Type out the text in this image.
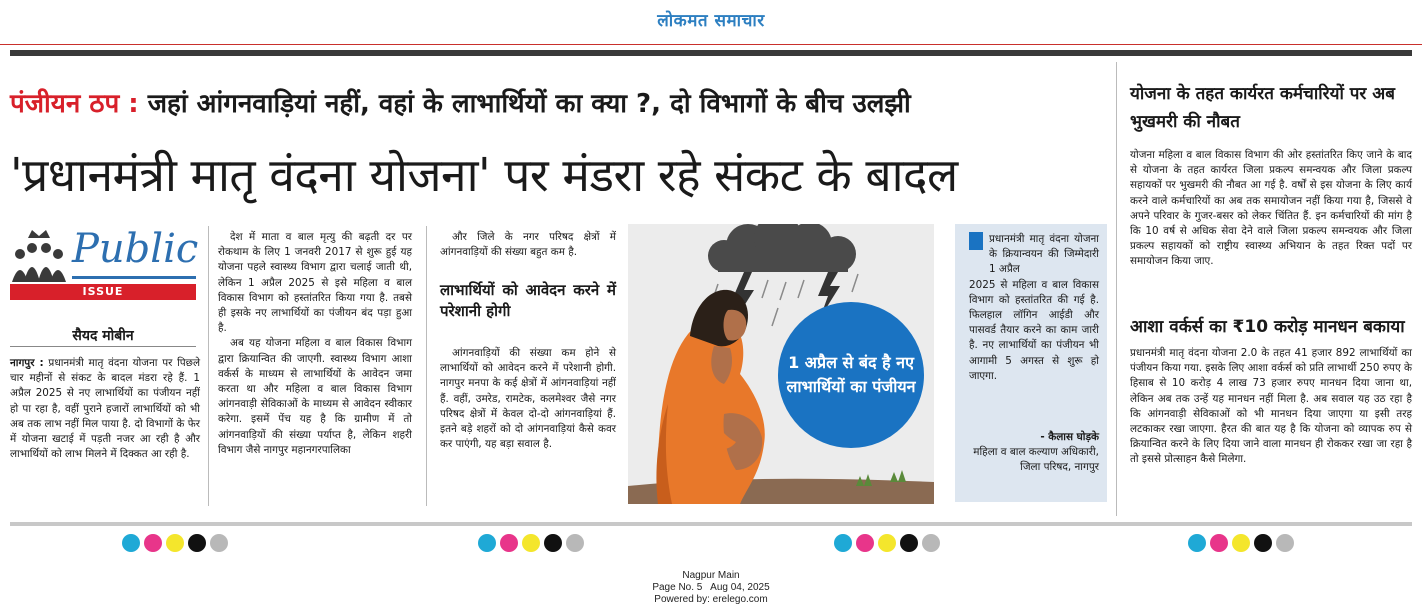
लोकमत समाचार
पंजीयन ठप : जहां आंगनवाड़ियां नहीं, वहां के लाभार्थियों का क्या ?, दो विभागों के बीच उलझी
'प्रधानमंत्री मातृ वंदना योजना' पर मंडरा रहे संकट के बादल
Public
ISSUE
सैयद मोबीन
नागपुर : प्रधानमंत्री मातृ वंदना योजना पर पिछले चार महीनों से संकट के बादल मंडरा रहे हैं. 1 अप्रैल 2025 से नए लाभार्थियों का पंजीयन नहीं हो पा रहा है, वहीं पुराने हजारों लाभार्थियों को भी अब तक लाभ नहीं मिल पाया है. दो विभागों के फेर में योजना खटाई में पड़ती नजर आ रही है और लाभार्थियों को लाभ मिलने में दिक्कत आ रही है.

देश में माता व बाल मृत्यु की बढ़ती दर पर रोकथाम के लिए 1 जनवरी 2017 से शुरू हुई यह योजना पहले स्वास्थ्य विभाग द्वारा चलाई जाती थी, लेकिन 1 अप्रैल 2025 से इसे महिला व बाल विकास विभाग को हस्तांतरित किया गया है. तबसे ही इसके नए लाभार्थियों का पंजीयन बंद पड़ा हुआ है.

अब यह योजना महिला व बाल विकास विभाग द्वारा क्रियान्वित की जाएगी. स्वास्थ्य विभाग आशा वर्कर्स के माध्यम से लाभार्थियों के आवेदन जमा करता था और महिला व बाल विकास विभाग आंगनवाड़ी सेविकाओं के माध्यम से आवेदन स्वीकार करेगा. इसमें पेंच यह है कि ग्रामीण में तो आंगनवाड़ियों की संख्या पर्याप्त है, लेकिन शहरी विभाग जैसे नागपुर महानगरपालिका

और जिले के नगर परिषद क्षेत्रों में आंगनवाड़ियों की संख्या बहुत कम है.

लाभार्थियों को आवेदन करने में परेशानी होगी

आंगनवाड़ियों की संख्या कम होने से लाभार्थियों को आवेदन करने में परेशानी होगी. नागपुर मनपा के कई क्षेत्रों में आंगनवाड़ियां नहीं हैं. वहीं, उमरेड, रामटेक, कलमेश्वर जैसे नगर परिषद क्षेत्रों में केवल दो-दो आंगनवाड़ियां हैं. इतने बड़े शहरों को दो आंगनवाड़ियां कैसे कवर कर पाएंगी, यह बड़ा सवाल है.

1 अप्रैल से बंद है नए लाभार्थियों का पंजीयन
प्रधानमंत्री मातृ वंदना योजना के क्रियान्वयन की जिम्मेदारी 1 अप्रैल
2025 से महिला व बाल विकास विभाग को हस्तांतरित की गई है. फिलहाल लॉगिन आईडी और पासवर्ड तैयार करने का काम जारी है. नए लाभार्थियों का पंजीयन भी आगामी 5 अगस्त से शुरू हो जाएगा.
- कैलास घोड़के
महिला व बाल कल्याण अधिकारी, जिला परिषद, नागपुर
योजना के तहत कार्यरत कर्मचारियों पर अब भुखमरी की नौबत
योजना महिला व बाल विकास विभाग की ओर हस्तांतरित किए जाने के बाद से योजना के तहत कार्यरत जिला प्रकल्प समन्वयक और जिला प्रकल्प सहायकों पर भुखमरी की नौबत आ गई है. वर्षों से इस योजना के लिए कार्य करने वाले कर्मचारियों का अब तक समायोजन नहीं किया गया है, जिससे वे अपने परिवार के गुजर-बसर को लेकर चिंतित हैं. इन कर्मचारियों की मांग है कि 10 वर्ष से अधिक सेवा देने वाले जिला प्रकल्प समन्वयक और जिला प्रकल्प सहायकों को राष्ट्रीय स्वास्थ्य अभियान के तहत रिक्त पदों पर समायोजन किया जाए.
आशा वर्कर्स का ₹10 करोड़ मानधन बकाया
प्रधानमंत्री मातृ वंदना योजना 2.0 के तहत 41 हजार 892 लाभार्थियों का पंजीयन किया गया. इसके लिए आशा वर्कर्स को प्रति लाभार्थी 250 रुपए के हिसाब से 10 करोड़ 4 लाख 73 हजार रुपए मानधन दिया जाना था, लेकिन अब तक उन्हें यह मानधन नहीं मिला है. अब सवाल यह उठ रहा है कि आंगनवाड़ी सेविकाओं को भी मानधन दिया जाएगा या इसी तरह लटकाकर रखा जाएगा. हैरत की बात यह है कि योजना को व्यापक रुप से क्रियान्वित करने के लिए दिया जाने वाला मानधन ही रोककर रखा जा रहा है तो इससे प्रोत्साहन कैसे मिलेगा.
Nagpur Main
Page No. 5   Aug 04, 2025
Powered by: erelego.com
